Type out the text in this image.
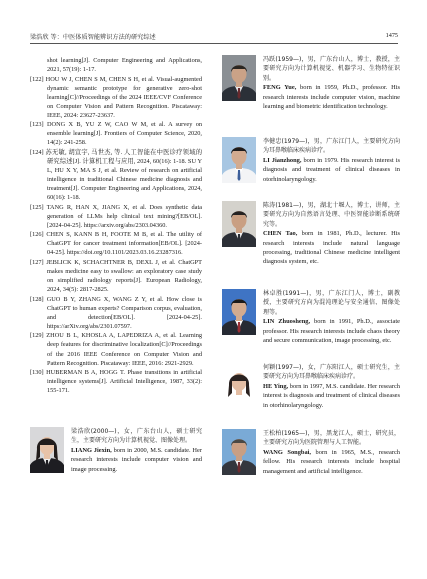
梁浩欣 等：中医体质智能辨识方法的研究综述	1475
shot learning[J]. Computer Engineering and Applications, 2021, 57(19): 1-17.
[122] HOU W J, CHEN S M, CHEN S H, et al. Visual-augmented dynamic semantic prototype for generative zero-shot learning[C]//Proceedings of the 2024 IEEE/CVF Conference on Computer Vision and Pattern Recognition. Piscataway: IEEE, 2024: 23627-23637.
[123] DONG X B, YU Z W, CAO W M, et al. A survey on ensemble learning[J]. Frontiers of Computer Science, 2020, 14(2): 241-258.
[124] 苏无敏, 胡宣宇, 马世杰, 等. 人工智能在中医诊疗领域的研究综述[J]. 计算机工程与应用, 2024, 60(16): 1-18. SU Y L, HU X Y, MA S J, et al. Review of research on artificial intelligence in traditional Chinese medicine diagnosis and treatment[J]. Computer Engineering and Applications, 2024, 60(16): 1-18.
[125] TANG R, HAN X, JIANG X, et al. Does synthetic data generation of LLMs help clinical text mining?[EB/OL]. [2024-04-25]. https://arxiv.org/abs/2303.04360.
[126] CHEN S, KANN B H, FOOTE M B, et al. The utility of ChatGPT for cancer treatment information[EB/OL]. [2024-04-25]. https://doi.org/10.1101/2023.03.16.23287316.
[127] JEBLICK K, SCHACHTNER B, DEXL J, et al. ChatGPT makes medicine easy to swallow: an exploratory case study on simplified radiology reports[J]. European Radiology, 2024, 34(5): 2817-2825.
[128] GUO B Y, ZHANG X, WANG Z Y, et al. How close is ChatGPT to human experts? Comparison corpus, evaluation, and detection[EB/OL]. [2024-04-25]. https://arXiv.org/abs/2301.07597.
[129] ZHOU B L, KHOSLA A, LAPEDRIZA A, et al. Learning deep features for discriminative localization[C]//Proceedings of the 2016 IEEE Conference on Computer Vision and Pattern Recognition. Piscataway: IEEE, 2016: 2921-2929.
[130] HUBERMAN B A, HOGG T. Phase transitions in artificial intelligence systems[J]. Artificial Intelligence, 1987, 33(2): 155-171.
冯跃(1959—)，男，广东台山人，博士，教授，主要研究方向为计算机视觉、机器学习、生物特征识别。
FENG Yue, born in 1959, Ph.D., professor. His research interests include computer vision, machine learning and biometric identification technology.
李健忠(1979—)，男，广东江门人，主要研究方向为耳鼻喉临床疾病诊疗。
LI Jianzhong, born in 1979. His research interest is diagnosis and treatment of clinical diseases in otorhinolaryngology.
陈涛(1981—)，男，湖北十堰人，博士，讲师，主要研究方向为自然语言处理、中医智能诊断系统研究等。
CHEN Tao, born in 1981, Ph.D., lecturer. His research interests include natural language processing, traditional Chinese medicine intelligent diagnosis system, etc.
林卓胜(1991—)，男，广东江门人，博士，副教授，主要研究方向为混沌理论与安全通信、图像处理等。
LIN Zhuosheng, born in 1991, Ph.D., associate professor. His research interests include chaos theory and secure communication, image processing, etc.
何颖(1997—)，女，广东阳江人，硕士研究生，主要研究方向为耳鼻喉临床疾病诊疗。
HE Ying, born in 1997, M.S. candidate. Her research interest is diagnosis and treatment of clinical diseases in otorhinolaryngology.
梁浩欣(2000—)，女，广东台山人，硕士研究生，主要研究方向为计算机视觉、图像处理。
LIANG Jiexin, born in 2000, M.S. candidate. Her research interests include computer vision and image processing.
王松柏(1965—)，男，黑龙江人，硕士，研究员，主要研究方向为医院管理与人工智能。
WANG Songbai, born in 1965, M.S., research fellow. His research interests include hospital management and artificial intelligence.
